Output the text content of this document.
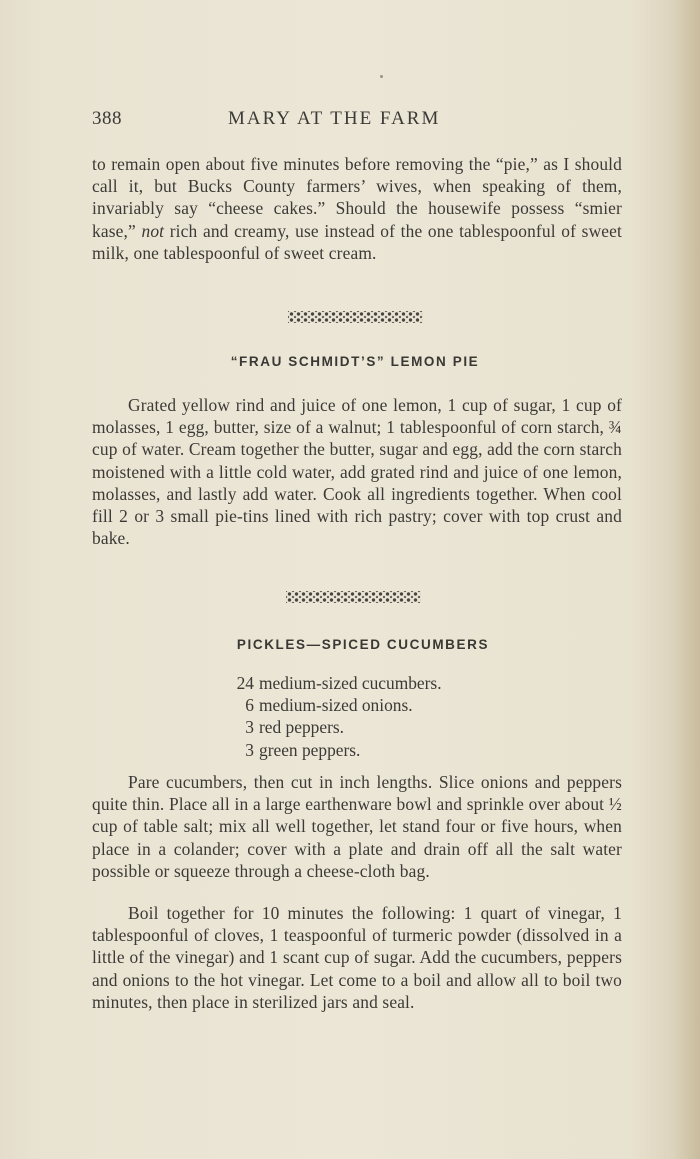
388	MARY AT THE FARM

to remain open about five minutes before removing the “pie,” as I should call it, but Bucks County farmers’ wives, when speaking of them, invariably say “cheese cakes.” Should the housewife possess “smier kase,” not rich and creamy, use instead of the one tablespoonful of sweet milk, one tablespoonful of sweet cream.

“FRAU SCHMIDT’S” LEMON PIE

Grated yellow rind and juice of one lemon, 1 cup of sugar, 1 cup of molasses, 1 egg, butter, size of a walnut; 1 tablespoonful of corn starch, ¾ cup of water. Cream together the butter, sugar and egg, add the corn starch moistened with a little cold water, add grated rind and juice of one lemon, molasses, and lastly add water. Cook all ingredients together. When cool fill 2 or 3 small pie-tins lined with rich pastry; cover with top crust and bake.

PICKLES—SPICED CUCUMBERS
24 medium-sized cucumbers.
6 medium-sized onions.
3 red peppers.
3 green peppers.

Pare cucumbers, then cut in inch lengths. Slice onions and peppers quite thin. Place all in a large earthenware bowl and sprinkle over about ½ cup of table salt; mix all well together, let stand four or five hours, when place in a colander; cover with a plate and drain off all the salt water possible or squeeze through a cheese-cloth bag.

Boil together for 10 minutes the following: 1 quart of vinegar, 1 tablespoonful of cloves, 1 teaspoonful of turmeric powder (dissolved in a little of the vinegar) and 1 scant cup of sugar. Add the cucumbers, peppers and onions to the hot vinegar. Let come to a boil and allow all to boil two minutes, then place in sterilized jars and seal.
